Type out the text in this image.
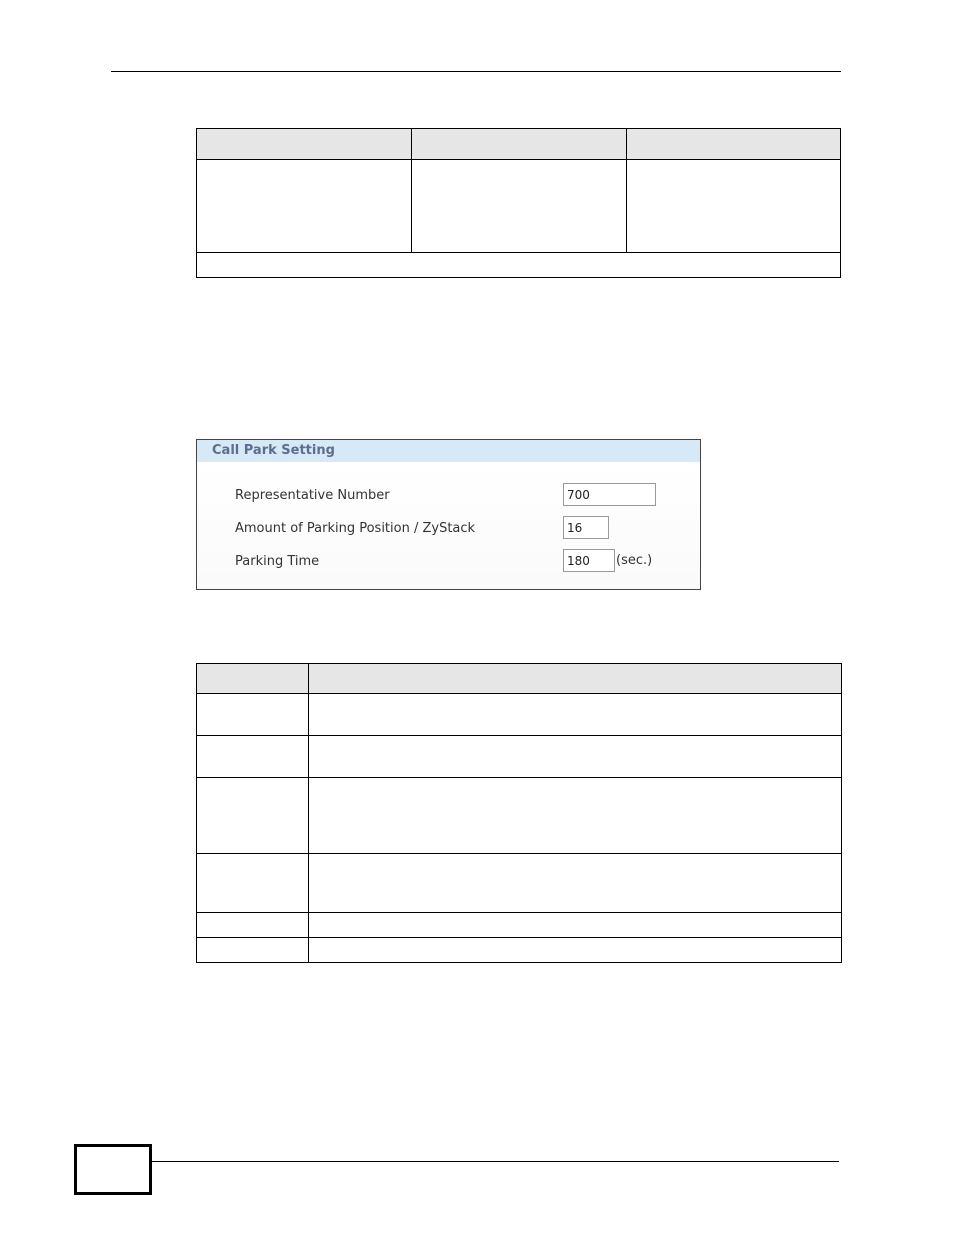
Call Park Setting
Representative Number
700
Amount of Parking Position / ZyStack
16
Parking Time
180	(sec.)
